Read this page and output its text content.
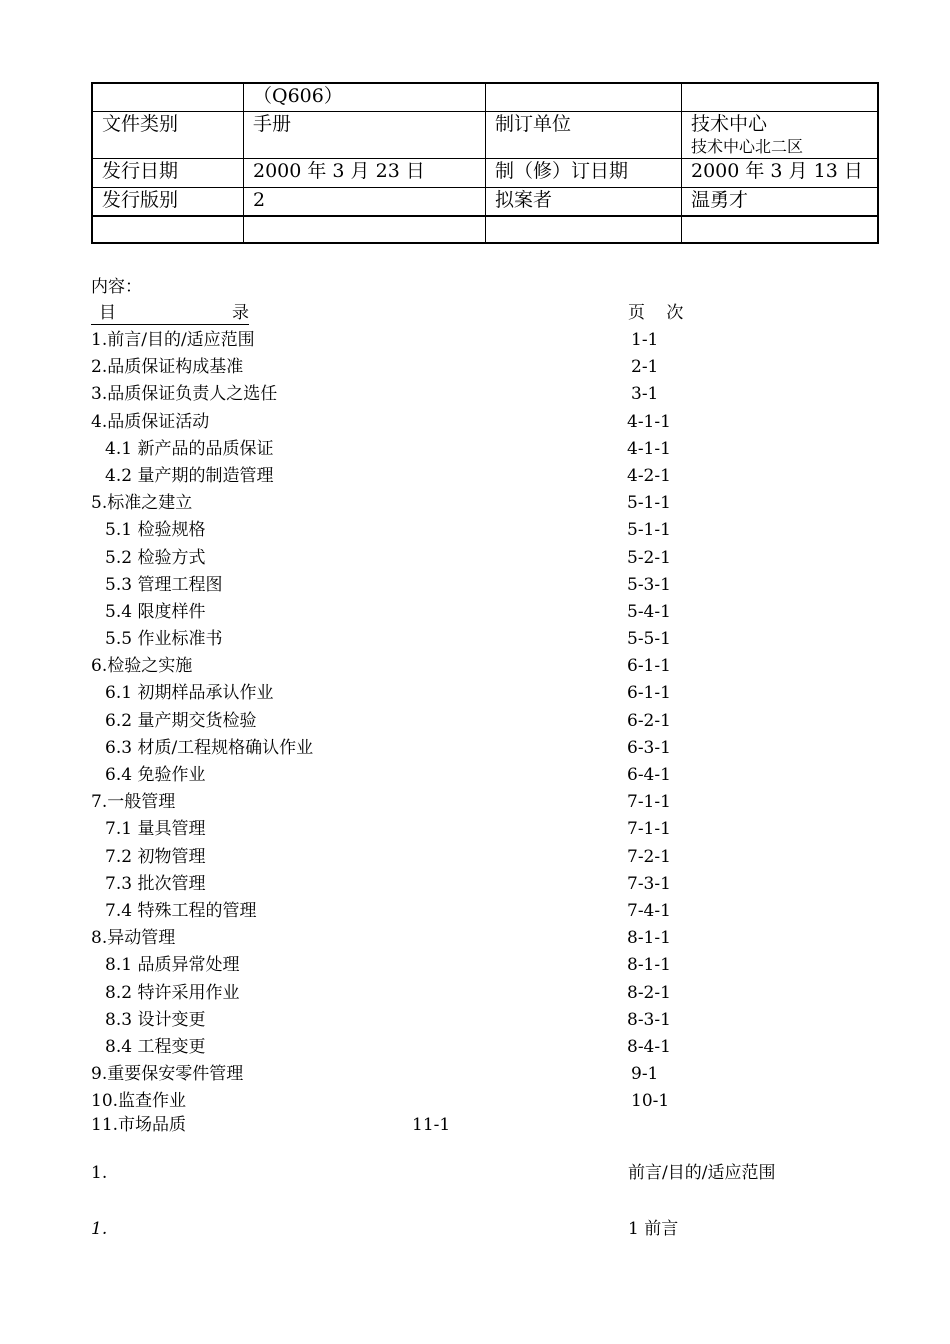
	（Q606）		
文件类别	手册	制订单位	技术中心
技术中心北二区

发行日期	2000 年 3 月 23 日	制（修）订日期	2000 年 3 月 13 日
发行版别	2	拟案者	温勇才

内容：
目	录
	页 次
1.前言/目的/适应范围	1-1
2.品质保证构成基准	2-1
3.品质保证负责人之选任	3-1
4.品质保证活动	4-1-1
4.1 新产品的品质保证	4-1-1
4.2 量产期的制造管理	4-2-1
5.标准之建立	5-1-1
5.1 检验规格	5-1-1
5.2 检验方式	5-2-1
5.3 管理工程图	5-3-1
5.4 限度样件	5-4-1
5.5 作业标准书	5-5-1
6.检验之实施	6-1-1
6.1 初期样品承认作业	6-1-1
6.2 量产期交货检验	6-2-1
6.3 材质/工程规格确认作业	6-3-1
6.4 免验作业	6-4-1
7.一般管理	7-1-1
7.1 量具管理	7-1-1
7.2 初物管理	7-2-1
7.3 批次管理	7-3-1
7.4 特殊工程的管理	7-4-1
8.异动管理	8-1-1
8.1 品质异常处理	8-1-1
8.2 特许采用作业	8-2-1
8.3 设计变更	8-3-1
8.4 工程变更	8-4-1
9.重要保安零件管理	9-1
10.监查作业	10-1
11.市场品质	11-1
1.	前言/目的/适应范围
1.	1 前言
